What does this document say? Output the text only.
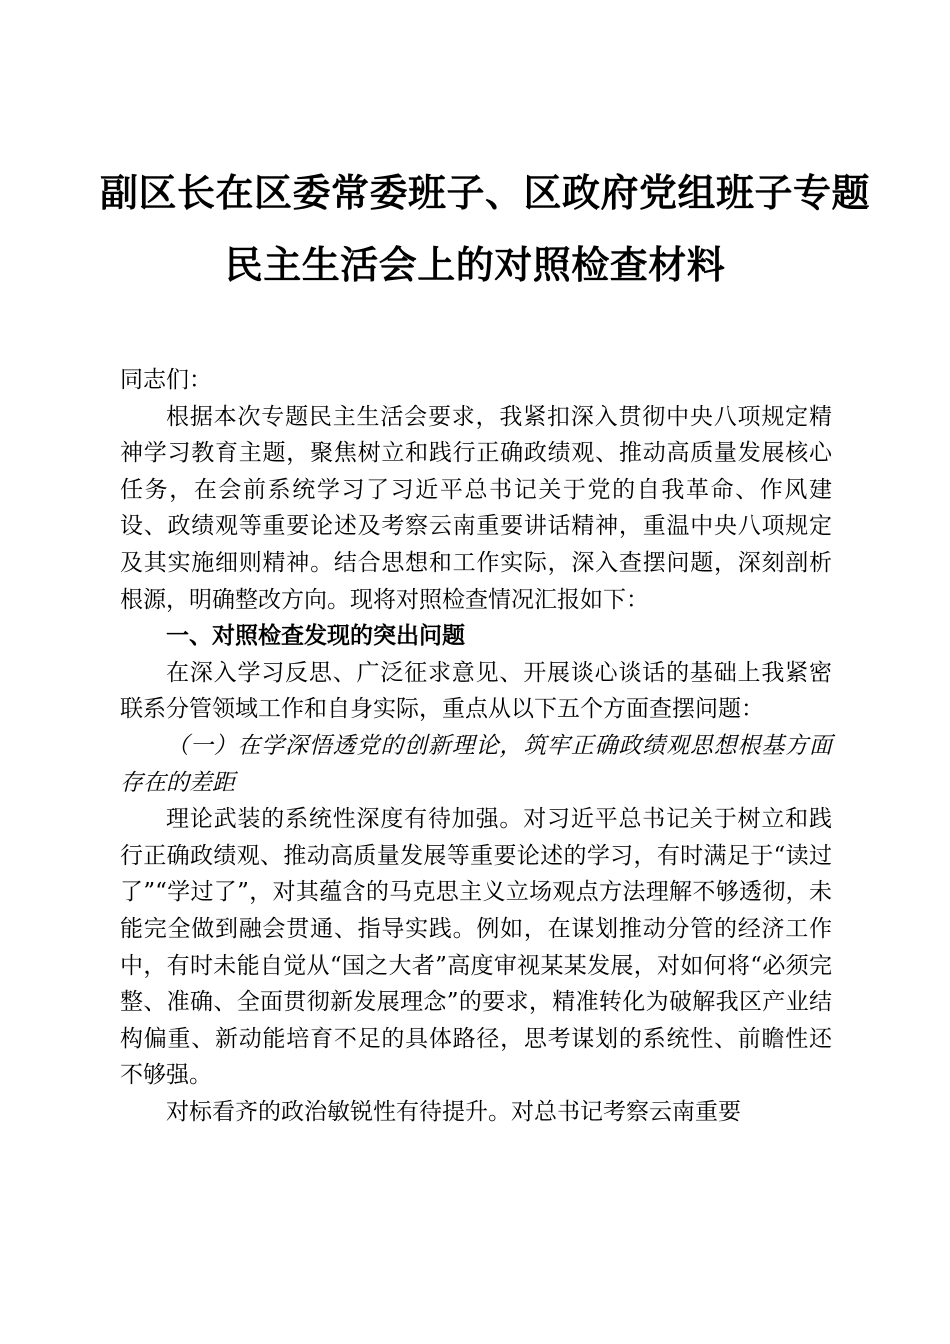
副区长在区委常委班子、区政府党组班子专题
民主生活会上的对照检查材料

同志们：

根据本次专题民主生活会要求，我紧扣深入贯彻中央八项规定精神学习教育主题，聚焦树立和践行正确政绩观、推动高质量发展核心任务，在会前系统学习了习近平总书记关于党的自我革命、作风建设、政绩观等重要论述及考察云南重要讲话精神，重温中央八项规定及其实施细则精神。结合思想和工作实际，深入查摆问题，深刻剖析根源，明确整改方向。现将对照检查情况汇报如下：

一、对照检查发现的突出问题

在深入学习反思、广泛征求意见、开展谈心谈话的基础上我紧密联系分管领域工作和自身实际，重点从以下五个方面查摆问题：

（一）在学深悟透党的创新理论，筑牢正确政绩观思想根基方面存在的差距

理论武装的系统性深度有待加强。对习近平总书记关于树立和践行正确政绩观、推动高质量发展等重要论述的学习，有时满足于“读过了”“学过了”，对其蕴含的马克思主义立场观点方法理解不够透彻，未能完全做到融会贯通、指导实践。例如，在谋划推动分管的经济工作中，有时未能自觉从“国之大者”高度审视某某发展，对如何将“必须完整、准确、全面贯彻新发展理念”的要求，精准转化为破解我区产业结构偏重、新动能培育不足的具体路径，思考谋划的系统性、前瞻性还不够强。

对标看齐的政治敏锐性有待提升。对总书记考察云南重要
